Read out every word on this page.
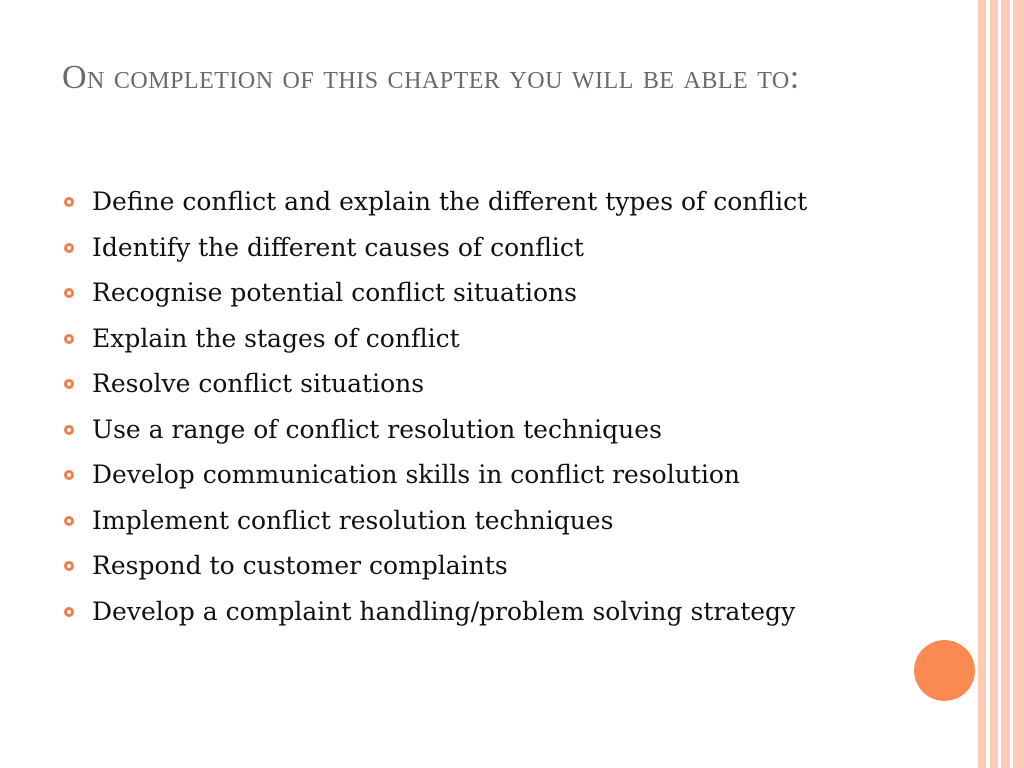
On completion of this chapter you will be able to:
Define conflict and explain the different types of conflict
Identify the different causes of conflict
Recognise potential conflict situations
Explain the stages of conflict
Resolve conflict situations
Use a range of conflict resolution techniques
Develop communication skills in conflict resolution
Implement conflict resolution techniques
Respond to customer complaints
Develop a complaint handling/problem solving strategy
